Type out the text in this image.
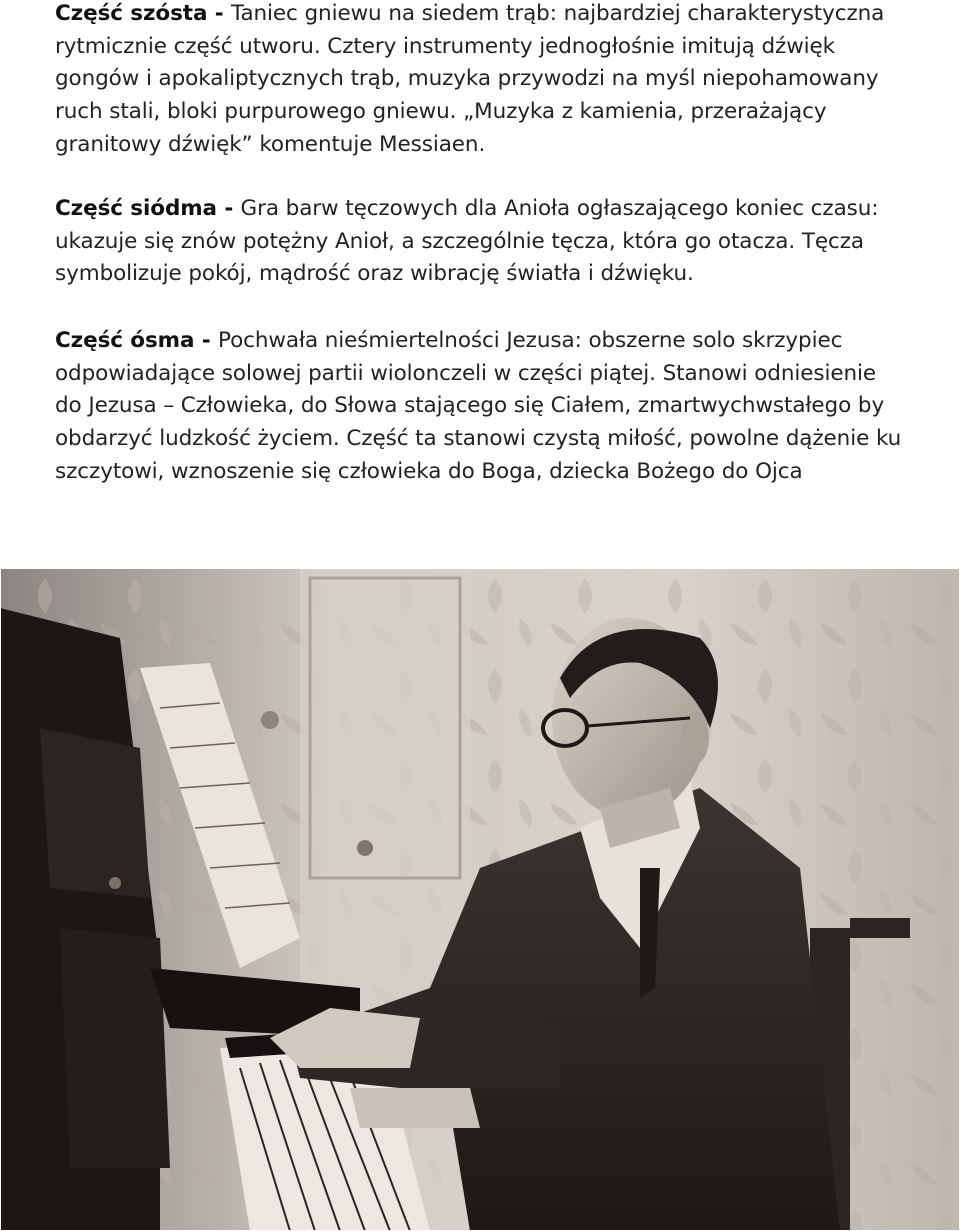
Część szósta - Taniec gniewu na siedem trąb: najbardziej charakterystyczna rytmicznie część utworu. Cztery instrumenty jednogłośnie imitują dźwięk gongów i apokaliptycznych trąb, muzyka przywodzi na myśl niepohamowany ruch stali, bloki purpurowego gniewu. „Muzyka z kamienia, przerażający granitowy dźwięk” komentuje Messiaen.
Część siódma - Gra barw tęczowych dla Anioła ogłaszającego koniec czasu: ukazuje się znów potężny Anioł, a szczególnie tęcza, która go otacza. Tęcza symbolizuje pokój, mądrość oraz wibrację światła i dźwięku.
Część ósma - Pochwała nieśmiertelności Jezusa: obszerne solo skrzypiec odpowiadające solowej partii wiolonczeli w części piątej. Stanowi odniesienie do Jezusa – Człowieka, do Słowa stającego się Ciałem, zmartwychwstałego by obdarzyć ludzkość życiem. Część ta stanowi czystą miłość, powolne dążenie ku szczytowi, wznoszenie się człowieka do Boga, dziecka Bożego do Ojca
